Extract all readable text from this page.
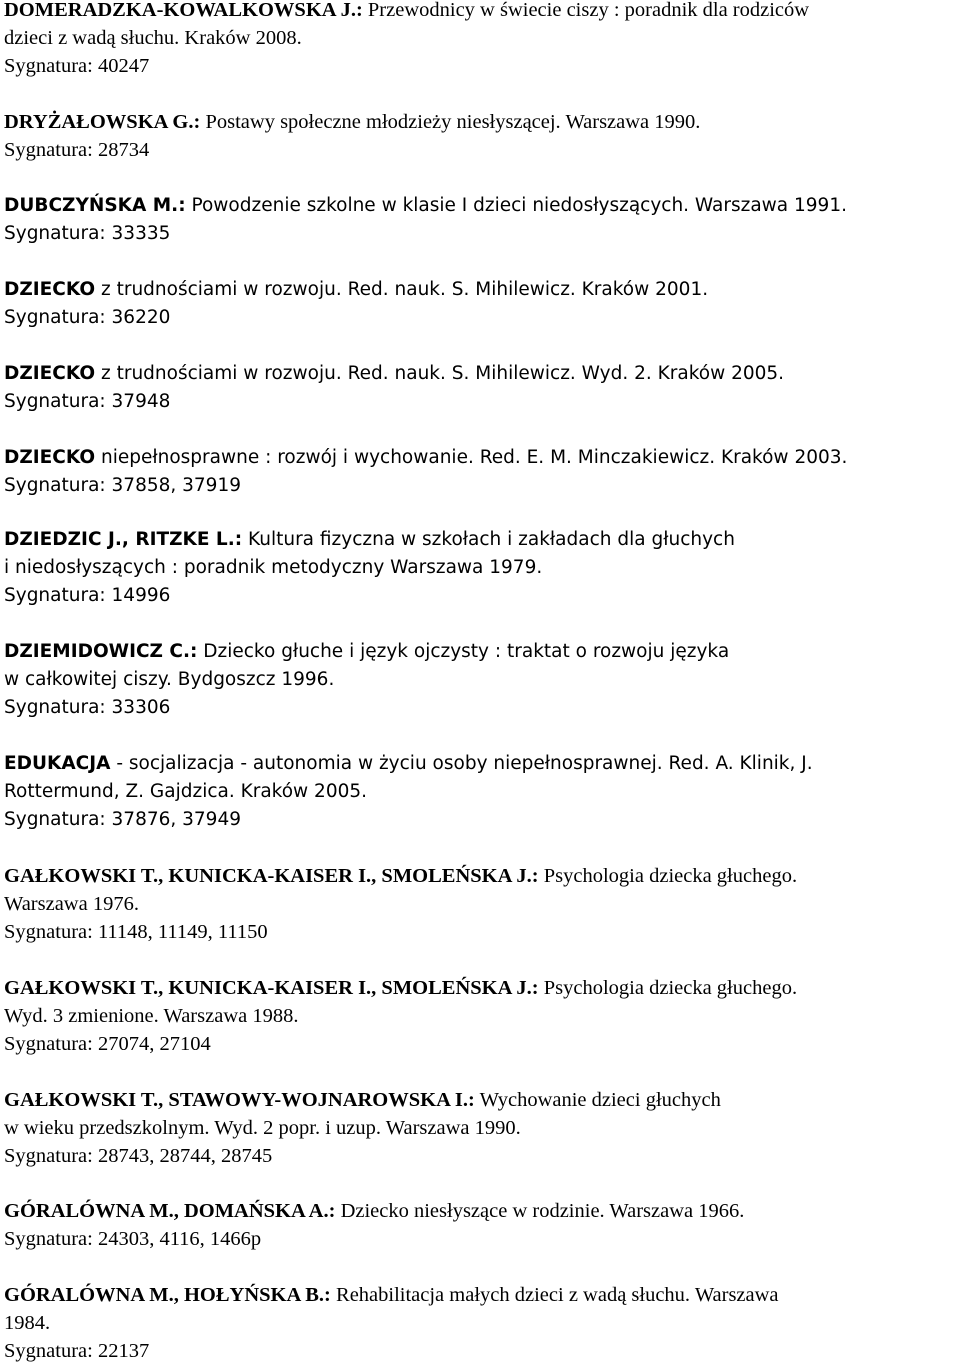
DOMERADZKA-KOWALKOWSKA J.: Przewodnicy w świecie ciszy : poradnik dla rodziców
dzieci z wadą słuchu. Kraków 2008.
Sygnatura: 40247
DRYŻAŁOWSKA G.: Postawy społeczne młodzieży niesłyszącej. Warszawa 1990.
Sygnatura: 28734
DUBCZYŃSKA M.: Powodzenie szkolne w klasie I dzieci niedosłyszących. Warszawa 1991.
Sygnatura: 33335
DZIECKO z trudnościami w rozwoju. Red. nauk. S. Mihilewicz. Kraków 2001.
Sygnatura: 36220
DZIECKO z trudnościami w rozwoju. Red. nauk. S. Mihilewicz. Wyd. 2. Kraków 2005.
Sygnatura: 37948
DZIECKO niepełnosprawne : rozwój i wychowanie. Red. E. M. Minczakiewicz. Kraków 2003.
Sygnatura: 37858, 37919
DZIEDZIC J., RITZKE L.: Kultura fizyczna w szkołach i zakładach dla głuchych
i niedosłyszących : poradnik metodyczny Warszawa 1979.
Sygnatura: 14996
DZIEMIDOWICZ C.: Dziecko głuche i język ojczysty : traktat o rozwoju języka
w całkowitej ciszy. Bydgoszcz 1996.
Sygnatura: 33306
EDUKACJA - socjalizacja - autonomia w życiu osoby niepełnosprawnej. Red. A. Klinik, J.
Rottermund, Z. Gajdzica. Kraków 2005.
Sygnatura: 37876, 37949
GAŁKOWSKI T., KUNICKA-KAISER I., SMOLEŃSKA J.: Psychologia dziecka głuchego.
Warszawa 1976.
Sygnatura: 11148, 11149, 11150
GAŁKOWSKI T., KUNICKA-KAISER I., SMOLEŃSKA J.: Psychologia dziecka głuchego.
Wyd. 3 zmienione. Warszawa 1988.
Sygnatura: 27074, 27104
GAŁKOWSKI T., STAWOWY-WOJNAROWSKA I.: Wychowanie dzieci głuchych
w wieku przedszkolnym. Wyd. 2 popr. i uzup. Warszawa 1990.
Sygnatura: 28743, 28744, 28745
GÓRALÓWNA M., DOMAŃSKA A.: Dziecko niesłyszące w rodzinie. Warszawa 1966.
Sygnatura: 24303, 4116, 1466p
GÓRALÓWNA M., HOŁYŃSKA B.: Rehabilitacja małych dzieci z wadą słuchu. Warszawa
1984.
Sygnatura: 22137
